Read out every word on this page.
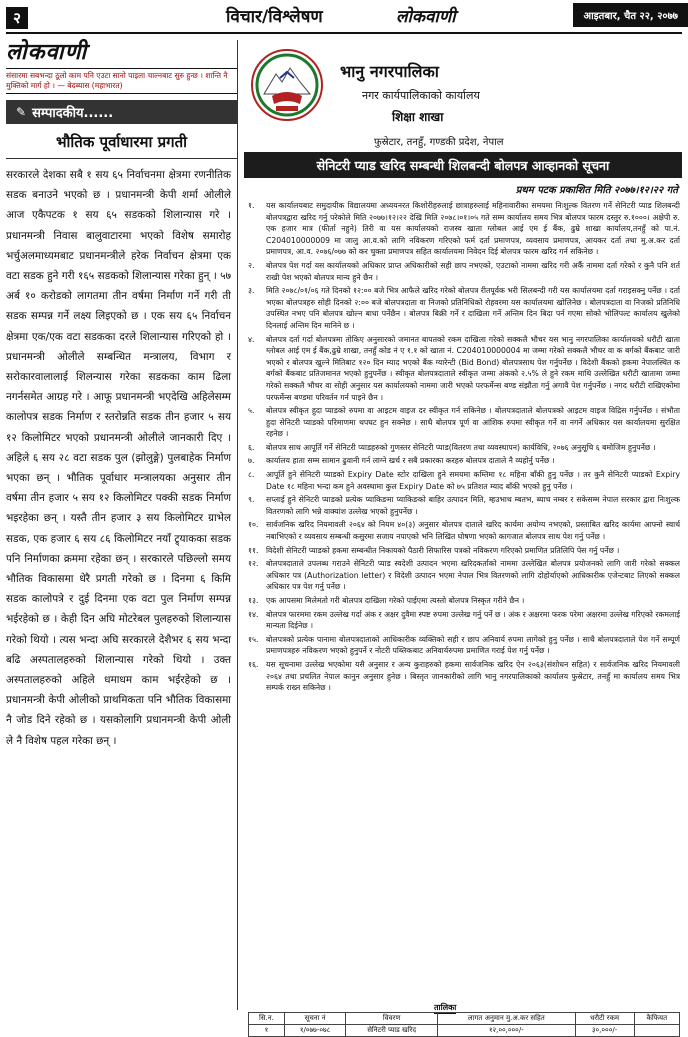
२	विचार/विश्लेषण	लोकवाणी	आइतबार, चैत २२, २०७७
लोकवाणी
संसारमा सबभन्दा ठूलो काम पनि एउटा सानो पाइला चाल्नबाट सुरु हुन्छ । शान्ति नै मुक्तिको मार्ग हो । — बेदब्यास (महाभारत)
✎ सम्पादकीय......
भौतिक पूर्वाधारमा प्रगती
सरकारले देशका सबै १ सय ६५ निर्वाचनमा क्षेत्रमा रणनीतिक सडक बनाउने भएको छ । प्रधानमन्त्री केपी शर्मा ओलीले आज एकैपटक १ सय ६५ सडकको शिलान्यास गरे । प्रधानमन्त्री निवास बालुवाटारमा भएको विशेष समारोह भर्चुअलमाध्यमबाट प्रधानमन्त्रीले हरेक निर्वाचन क्षेत्रमा एक वटा सडक हुने गरी १६५ सडकको शिलान्यास गरेका हुन् । ५७ अर्ब १० करोडको लागतमा तीन वर्षमा निर्माण गर्ने गरी ती सडक सम्पन्न गर्ने लक्ष्य लिइएको छ । एक सय ६५ निर्वाचन क्षेत्रमा एक/एक वटा सडकका दरले शिलान्यास गरिएको हो । प्रधानमन्त्री ओलीले सम्बन्धित मन्त्रालय, विभाग र सरोकारवालालाई शिलन्यास गरेका सडकका काम ढिला नगर्नसमेत आग्रह गरे । आफू प्रधानमन्त्री भएदेखि अहिलेसम्म कालोपत्र सडक निर्माण र स्तरोन्नति सडक तीन हजार ५ सय १२ किलोमिटर भएको प्रधानमन्त्री ओलीले जानकारी दिए । अहिले ६ सय २८ वटा सडक पुल (झोलुङ्गे) पुलबाहेक निर्माण भएका छन् । भौतिक पूर्वाधार मन्त्रालयका अनुसार तीन वर्षमा तीन हजार ५ सय १२ किलोमिटर पक्की सडक निर्माण भइरहेका छन् । यस्तै तीन हजार ३ सय किलोमिटर ग्राभेल सडक, एक हजार ६ सय ८६ किलोमिटर नयाँ ट्र्याकका सडक पनि निर्माणका क्रममा रहेका छन् । सरकारले पछिल्लो समय भौतिक विकासमा धेरै प्रगती गरेको छ । दिनमा ६ किमि सडक कालोपत्रे र दुई दिनमा एक वटा पुल निर्माण सम्पन्न भईरहेको छ । केही दिन अघि मोटरेबल पुलहरुको शिलान्यास गरेको थियो । त्यस भन्दा अघि सरकारले देशैभर ६ सय भन्दा बढि अस्पतालहरुको शिलान्यास गरेको थियो । उक्त अस्पतालहरुको अहिले धमाधम काम भईरहेको छ । प्रधानमन्त्री केपी ओलीको प्राथमिकता पनि भौतिक विकासमा नै जोड दिने रहेको छ । यसकोलागि प्रधानमन्त्री केपी ओली ले नै विशेष पहल गरेका छन् ।
भानु नगरपालिका
नगर कार्यपालिकाको कार्यालय
शिक्षा शाखा
फुस्रेटार, तनहुँ, गण्डकी प्रदेश, नेपाल
सेनिटरी प्याड खरिद सम्बन्धी शिलबन्दी बोलपत्र आव्हानको सूचना
प्रथम पटक प्रकाशित मिति २०७७।१२।२२ गते
१.	यस कार्यालयबाट समुदायीक विद्यालयमा अध्ययनरत किशोरीहरुलाई छात्राहरुलाई महिनावारीका समयमा निःशुल्क वितरण गर्ने सेनिटरी प्याड शिलबन्दी बोलपत्रद्वारा खरिद गर्नु परेकोले मिति २०७७।१२।२२ देखि मिति २०७८।०१।०५ गते सम्म कार्यालय समय भित्र बोलपत्र फारम दस्तुर रु.१०००। अक्षेपी रु. एक हजार मात्र (फीर्ता नहुने) तिरी वा यस कार्यालयको राजस्व खाता ग्लोबल आई एम ई बैंक, ढुम्रे शाखा कार्यालय,तनहुँ को पा.नं. C204010000009 मा जालु आ.व.को लागि नविकरण गरिएको फर्म दर्ता प्रमाणपत्र, व्यवसाय प्रमाणपत्र, आयकर दर्ता तथा मु.अ.कर दर्ता प्रमाणपत्र, आ.व. २०७६/०७७ को कर चुक्ता प्रमाणपत्र सहित कार्यालयमा निवेदन दिई बोलपत्र फारम खरिद गर्न सकिनेछ ।
२.	बोलपत्र पेश गर्दा यस कार्यालयको अधिकार प्राप्त अधिकारीको सही छाप नभएको, एउटाको नाममा खरिद गरी अर्कै नाममा दर्ता गरेको र कुनै पनि शर्त राखी पेश भएको बोलपत्र मान्य हुने छैन ।
३.	मिति २०७८/०१/०६ गते दिनको १२:०० बजे भित्र आफैले खरिद गरेको बोलपत्र रीतपूर्वक भरी सिलबन्दी गरी यस कार्यालयमा दर्ता गराइसक्नु पर्नेछ । दर्ता भएका बोलपत्रहरु सोही दिनको २:०० बजे बोलपत्रदाता वा निजको प्रतिनिधिको रोहवरमा यस कार्यालयमा खोलिनेछ । बोलपत्रदाता वा निजको प्रतिनिधि उपस्थित नभए पनि बोलपत्र खोल्न बाधा पर्नेछैन । बोलपत्र बिक्री गर्ने र दाखिला गर्ने अन्तिम दिन बिदा पर्न गएमा सोको भोलिपल्ट कार्यालय खुलेको दिनलाई अन्तिम दिन मानिने छ ।
४.	बोलपत्र दर्ता गर्दा बोलपत्रमा तोकिए अनुसारको जमानत बापतको रकम दाखिला गरेको सक्कलै भौचर यस भानु नगरपालिका कार्यालयको धरौटी खाता ग्लोबल आई एम ई बैंक,ढुम्रे शाखा, तनहुँ कोड नं ए १.१ को खाता नं. C204010000004 मा जम्मा गरेको सक्कलै भौचर वा क बर्गको बैंकबाट जारी भएको र बोलपत्र खुल्ने मितिबाट १२० दिन म्याद भएको बैंक ग्यारेन्टी (Bid Bond) बोलपत्रसाथ पेश गर्नुपर्नेछ । विदेशी बैंकको हकमा नेपालस्थित क बर्गको बैंकबाट प्रतिजमानत भएको हुनुपर्नेछ । स्वीकृत बोलपत्रदाताले स्वीकृत जम्मा अंकको २.५% ले हुने रकम माथि उल्लेखित धरौटी खातामा जम्मा गरेको सक्कलै भौचर वा सोही अनुसार यस कार्यालयको नाममा जारी भएको परफर्मेन्स बण्ड संझौता गर्नु अगावै पेश गर्नुपर्नेछ । नगद धरौटी राखिएकोमा परफर्मेन्स बण्डमा परिवर्तन गर्न पाइने छैन ।
५.	बोलपत्र स्वीकृत हुदा प्याडको रुपमा वा आइटम वाइज दर स्वीकृत गर्न सकिनेछ । बोलपत्रदाताले बोलपत्रको आइटम वाइज विद्रिस गर्नुपर्नेछ । संभौता हुदा सेनिटरी प्याडको परिमाणमा थपघट हुन सक्नेछ । साथै बोलपत्र पूर्ण वा आंशिक रुपमा स्वीकृत गर्ने वा नगर्ने अधिकार यस कार्यालयमा सुरक्षित रहनेछ ।
६.	बोलपत्र साथ आपूर्ति गर्ने सेनिटरी प्याडहरुको गुणस्तर सेनिटरी प्याड(वितरण तथा व्यवस्थापन) कार्यविधि, २०७६ अनुसूचि ६ बमोजिम हुनुपर्नेछ ।
७.	कार्यालय हाता सम्म सामान ढुवानी गर्न लाग्ने खर्च र सबै प्रकारका करहरु बोलपत्र दाताले नै व्यहोर्नु पर्नेछ ।
८.	आपूर्ति हुने सेनिटरी प्याडको Expiry Date स्टोर दाखिला हुने समयमा कम्तिमा १८ महिना बाँकी हुनु पर्नेछ । तर कुनै सेनिटरी प्याडको Expiry Date १८ महिना भन्दा कम हुने अवस्थामा कुल Expiry Date को ७५ प्रतिशत म्याद बाँकी भएको हुनु पर्नेछ ।
९.	सप्लाई हुने सेनिटरी प्याडको प्रत्येक प्याकिङमा प्याकिङको बाहिर उत्पादन मिति, म्हउभाथ म्बतभ, ब्याच नम्बर र सकेसम्म नेपाल सरकार द्वारा निःशुल्क वितरणको लागि भन्ने वाक्यांश उल्लेख भएको हुनुपर्नेछ ।
१०. सार्वजनिक खरिद नियमावली २०६४ को नियम ४०(३) अनुसार बोलपत्र दाताले खरिद कार्यमा अयोग्य नभएको, प्रस्ताबित खरिद कार्यमा आफ्नो स्वार्थ नबाभिएको र व्यवसाय सम्बन्धी कसुरमा सजाय नपाएको भनि लिखित घोषणा भएको कागजात बोलपत्र साथ पेश गर्नु पर्नेछ ।
११. विदेशी सेनिटरी प्याडको हकमा सम्बन्धीत निकायको पैठारी सिफारिस पत्रको नविकरण गरिएको प्रमाणित प्रतिलिपि पेस गर्नु पर्नेछ ।
१२. बोलपत्रदाताले उपलब्ध गराउने सेनिटरी प्याड स्वदेशी उत्पादन भएमा खरिदकर्ताको नाममा उल्लेखित बोलपत्र प्रयोजनको लागि जारी गरेको सक्कल अधिकार पत्र (Authorization letter) र विदेशी उत्पादन भएमा नेपाल भित्र वितरणको लागि दोहोर्याएको आधिकारीक एजेन्टबाट लिएको सक्कल अधिकार पत्र पेश गर्नु पर्नेछ ।
१३. एक आपसमा मिलेमतो गरी बोलपत्र दाखिला गरेको पाईएमा त्यस्तो बोलपत्र निस्कृत गरीने छैन ।
१४. बोलपत्र फारममा रकम उल्लेख गर्दा अंक र अक्षर दुवैमा स्पष्ट रुपमा उल्लेख गर्नु पर्ने छ । अंक र अक्षरमा फरक परेमा अक्षरमा उल्लेख गरिएको रकमलाई मान्यता दिईनेछ ।
१५. बोलपत्रको प्रत्येक पानामा बोलपत्रदाताको आधिकारीक व्यक्तिको सही र छाप अनिवार्य रुपमा लागेको हुनु पर्नेछ । साथै बोलपत्रदाताले पेश गर्ने सम्पूर्ण प्रमाणपत्रहरु नविकरण भएको हुनुपर्ने र नोटरी पब्लिकबाट अनिवार्यरुपमा प्रमाणित गराई पेश गर्नु पर्नेछ ।
१६. यस सूचनामा उल्लेख भएकोमा यसै अनुसार र अन्य कुराहरुको हकमा सार्वजनिक खरिद ऐन २०६३(संशोधन सहित) र सार्वजनिक खरिद नियमावली २०६४ तथा प्रचलित नेपाल कानुन अनुसार हुनेछ । बिस्तृत जानकारीको लागि भानु नगरपालिकाको कार्यालय फुस्रेटार, तनहुँ मा कार्यालय समय भित्र सम्पर्क राख्न सकिनेछ ।
तालिका
सि.न.	सूचना नं	विवरण	लागत अनुमान मु.अ.कर सहित	धरौटी रकम	कैफियत
१	१/०७७-०७८	सेनिटरी प्याड खरिद	१२,००,०००/-	३०,०००/-	
